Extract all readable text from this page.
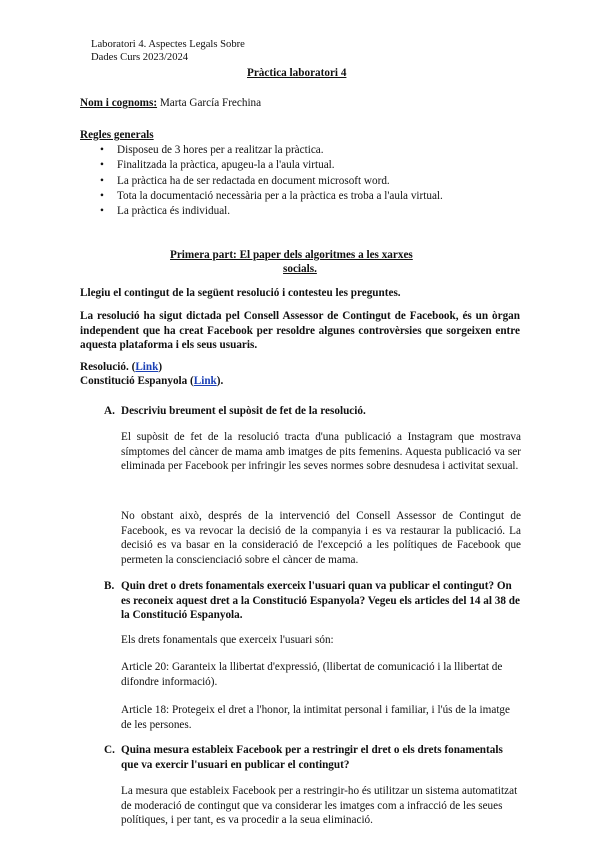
Laboratori 4. Aspectes Legals Sobre
Dades Curs 2023/2024
Pràctica laboratori 4
Nom i cognoms: Marta García Frechina
Regles generals
• Disposeu de 3 hores per a realitzar la pràctica.
• Finalitzada la pràctica, apugeu-la a l'aula virtual.
• La pràctica ha de ser redactada en document microsoft word.
• Tota la documentació necessària per a la pràctica es troba a l'aula virtual.
• La pràctica és individual.
Primera part: El paper dels algoritmes a les xarxes
socials.
Llegiu el contingut de la següent resolució i contesteu les preguntes.
La resolució ha sigut dictada pel Consell Assessor de Contingut de Facebook, és un òrgan independent que ha creat Facebook per resoldre algunes controvèrsies que sorgeixen entre aquesta plataforma i els seus usuaris.
Resolució. (Link)
Constitució Espanyola (Link).
A. Descriviu breument el supòsit de fet de la resolució.
El supòsit de fet de la resolució tracta d'una publicació a Instagram que mostrava símptomes del càncer de mama amb imatges de pits femenins. Aquesta publicació va ser eliminada per Facebook per infringir les seves normes sobre desnudesa i activitat sexual.
No obstant això, després de la intervenció del Consell Assessor de Contingut de Facebook, es va revocar la decisió de la companyia i es va restaurar la publicació. La decisió es va basar en la consideració de l'excepció a les polítiques de Facebook que permeten la conscienciació sobre el càncer de mama.
B. Quin dret o drets fonamentals exerceix l'usuari quan va publicar el contingut? On es reconeix aquest dret a la Constitució Espanyola? Vegeu els articles del 14 al 38 de la Constitució Espanyola.
Els drets fonamentals que exerceix l'usuari són:
Article 20: Garanteix la llibertat d'expressió, (llibertat de comunicació i la llibertat de difondre informació).
Article 18: Protegeix el dret a l'honor, la intimitat personal i familiar, i l'ús de la imatge de les persones.
C. Quina mesura estableix Facebook per a restringir el dret o els drets fonamentals que va exercir l'usuari en publicar el contingut?
La mesura que estableix Facebook per a restringir-ho és utilitzar un sistema automatitzat de moderació de contingut que va considerar les imatges com a infracció de les seues polítiques, i per tant, es va procedir a la seua eliminació.
